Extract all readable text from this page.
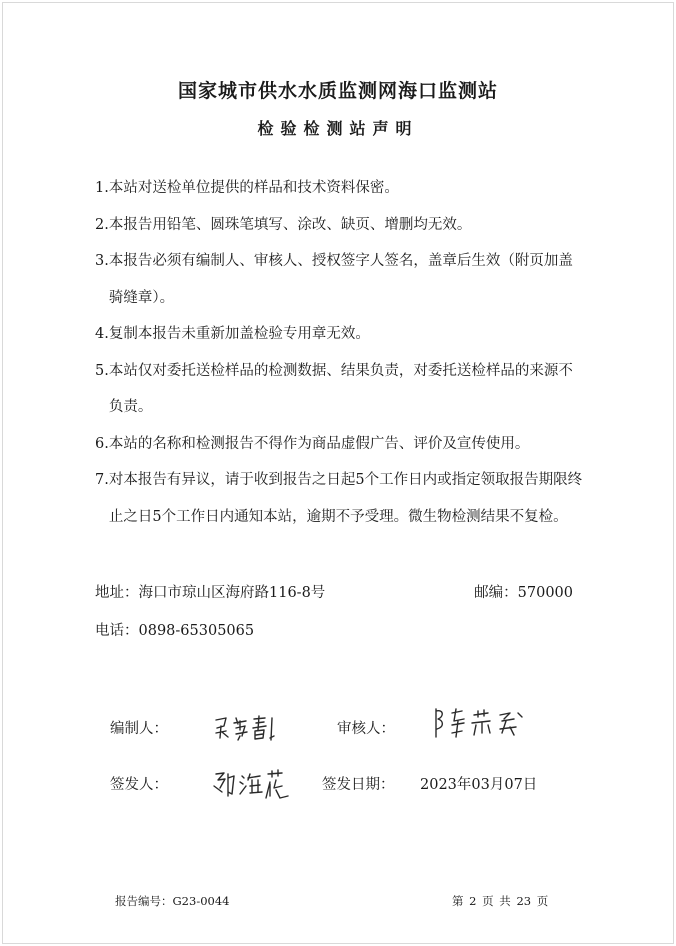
国家城市供水水质监测网海口监测站
检验检测站声明
1. 本站对送检单位提供的样品和技术资料保密。
2. 本报告用铅笔、圆珠笔填写、涂改、缺页、增删均无效。
3. 本报告必须有编制人、审核人、授权签字人签名，盖章后生效（附页加盖骑缝章）。
4. 复制本报告未重新加盖检验专用章无效。
5. 本站仅对委托送检样品的检测数据、结果负责，对委托送检样品的来源不负责。
6. 本站的名称和检测报告不得作为商品虚假广告、评价及宣传使用。
7. 对本报告有异议，请于收到报告之日起5个工作日内或指定领取报告期限终止之日5个工作日内通知本站，逾期不予受理。微生物检测结果不复检。
地址：海口市琼山区海府路116-8号	邮编：570000
电话：0898-65305065
编制人：	审核人：
签发人：	签发日期： 2023年03月07日
报告编号：G23-0044	第 2 页 共 23 页
